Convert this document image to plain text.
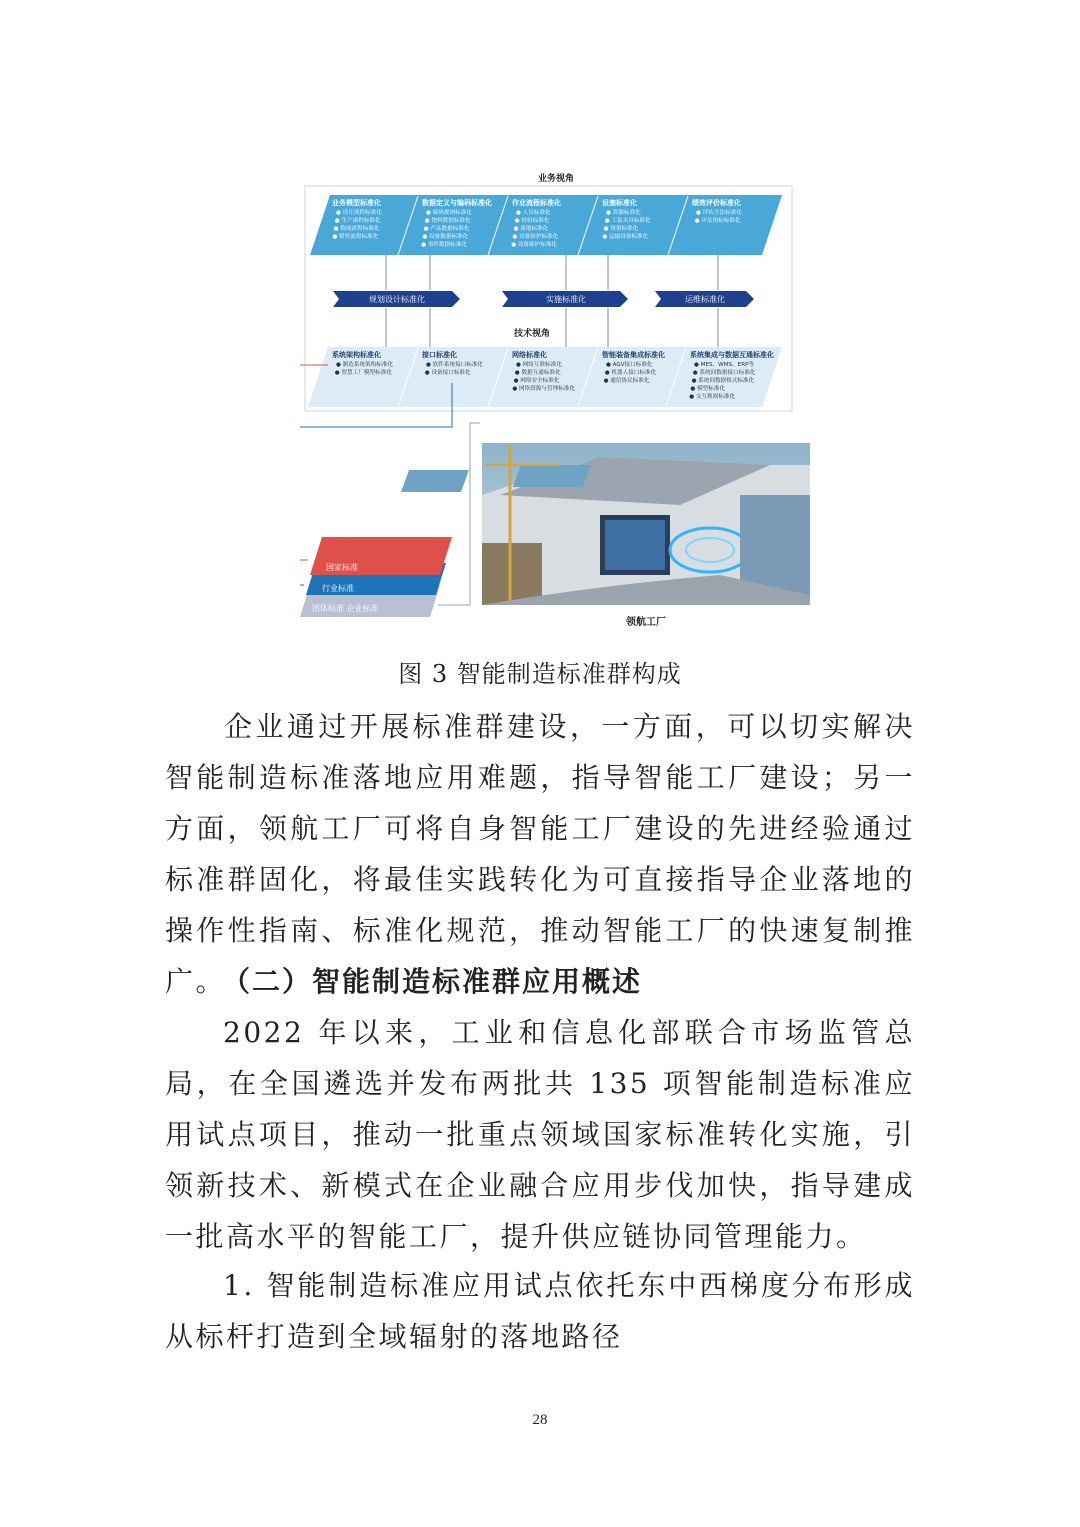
业务视角
业务模型标准化
● 设计流程标准化
● 生产流程标准化
● 物流流程标准化
● 销售流程标准化
数据定义与编码标准化
● 编码规则标准化
● 物料数据标准化
● 产品数据标准化
● 设备数据标准化
● 事件数据标准化
作业流程标准化
● 人员标准化
● 检验标准化
● 落地标准化
● 设备维护标准化
● 设备维护标准化
设施标准化
● 资源标准化
● 工装夹具标准化
● 货架标准化
● 运输设备标准化
绩效评价标准化
● 评估方法标准化
● 评估指标标准化
规划设计标准化	实施标准化	运维标准化
技术视角
系统架构标准化
● 制造系统架构标准化
● 智慧工厂模型标准化
接口标准化
● 软件系统接口标准化
● 设备接口标准化
网络标准化
● 网络互联标准化
● 数据互通标准化
● 网络安全标准化
● 网络资源与管理标准化
智能装备集成标准化
● AGV接口标准化
● 机器人接口标准化
● 通信协议标准化
系统集成与数据互通标准化
● MES、WMS、ERP等
● 系统间数据接口标准化
● 系统间数据格式标准化
● 模型标准化
● 交互规则标准化
国家标准
行业标准
团体标准 企业标准
领航工厂
图 3 智能制造标准群构成

企业通过开展标准群建设，一方面，可以切实解决智能制造标准落地应用难题，指导智能工厂建设；另一方面，领航工厂可将自身智能工厂建设的先进经验通过标准群固化，将最佳实践转化为可直接指导企业落地的操作性指南、标准化规范，推动智能工厂的快速复制推广。

（二）智能制造标准群应用概述

2022 年以来，工业和信息化部联合市场监管总局，在全国遴选并发布两批共 135 项智能制造标准应用试点项目，推动一批重点领域国家标准转化实施，引领新技术、新模式在企业融合应用步伐加快，指导建成一批高水平的智能工厂，提升供应链协同管理能力。

1. 智能制造标准应用试点依托东中西梯度分布形成从标杆打造到全域辐射的落地路径

28
